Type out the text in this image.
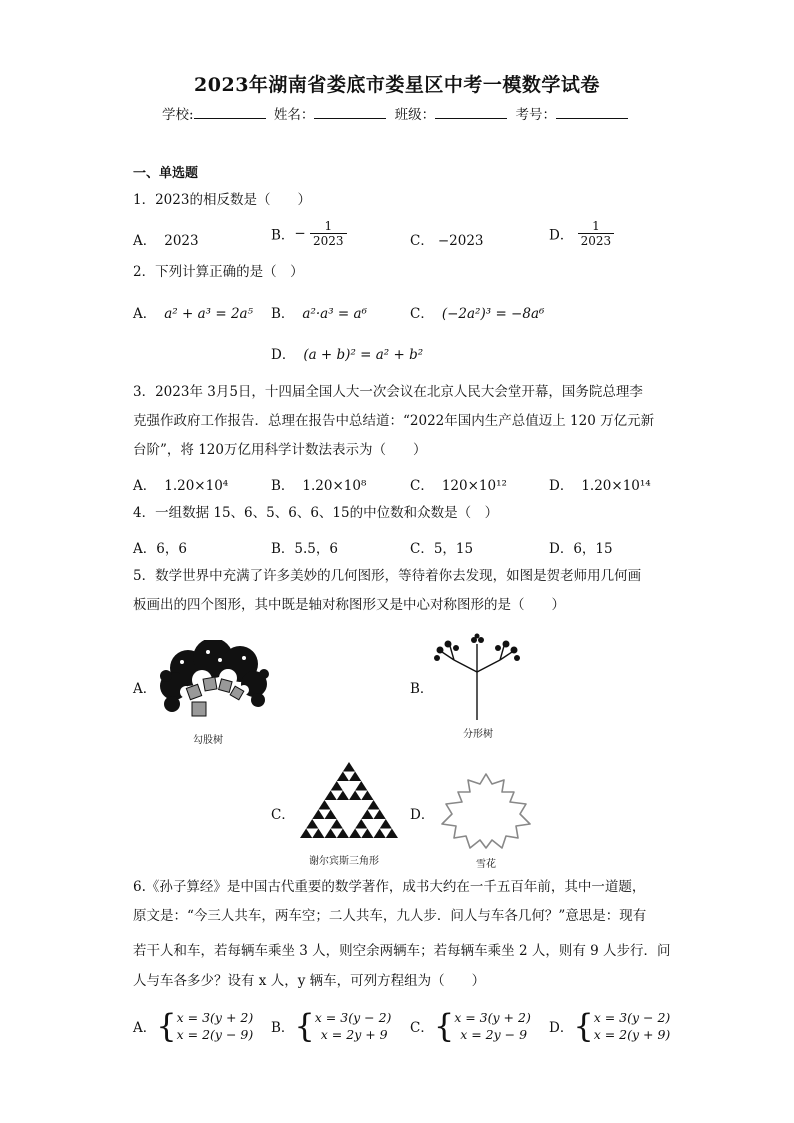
2023年湖南省娄底市娄星区中考一模数学试卷
学校:	姓名：	班级：	考号：
一、单选题
1．2023的相反数是（　　）
A． 2023	B．− $\frac{1}{2023}$	C． −2023	D． $\frac{1}{2023}$
2．下列计算正确的是（　）
A． a² + a³ = 2a⁵ B． a²·a³ = a⁶	C． (−2a²)³ = −8a⁶
D． (a + b)² = a² + b²
3．2023年 3月5日，十四届全国人大一次会议在北京人民大会堂开幕，国务院总理李
克强作政府工作报告．总理在报告中总结道：“2022年国内生产总值迈上 120 万亿元新
台阶”，将 120万亿用科学计数法表示为（　　）
A． 1.20×10⁴	B． 1.20×10⁸	C． 120×10¹²	D． 1.20×10¹⁴
4．一组数据 15、6、5、6、6、15的中位数和众数是（　）
A．6，6	B．5.5，6	C．5，15	D．6，15
5．数学世界中充满了许多美妙的几何图形，等待着你去发现，如图是贺老师用几何画
板画出的四个图形，其中既是轴对称图形又是中心对称图形的是（　　）
A．
勾股树
B．
分形树
C．
谢尔宾斯三角形
D．
雪花
6.《孙子算经》是中国古代重要的数学著作，成书大约在一千五百年前，其中一道题，
原文是：“今三人共车，两车空；二人共车，九人步．问人与车各几何？”意思是：现有
若干人和车，若每辆车乘坐 3 人，则空余两辆车；若每辆车乘坐 2 人，则有 9 人步行．问
人与车各多少？设有 x 人，y 辆车，可列方程组为（　　）
A．{ x = 3(y + 2)
x = 2(y − 9) B．{ x = 3(y − 2)
x = 2y + 9 C．{ x = 3(y + 2)
x = 2y − 9 D．{ x = 3(y − 2)
x = 2(y + 9)
